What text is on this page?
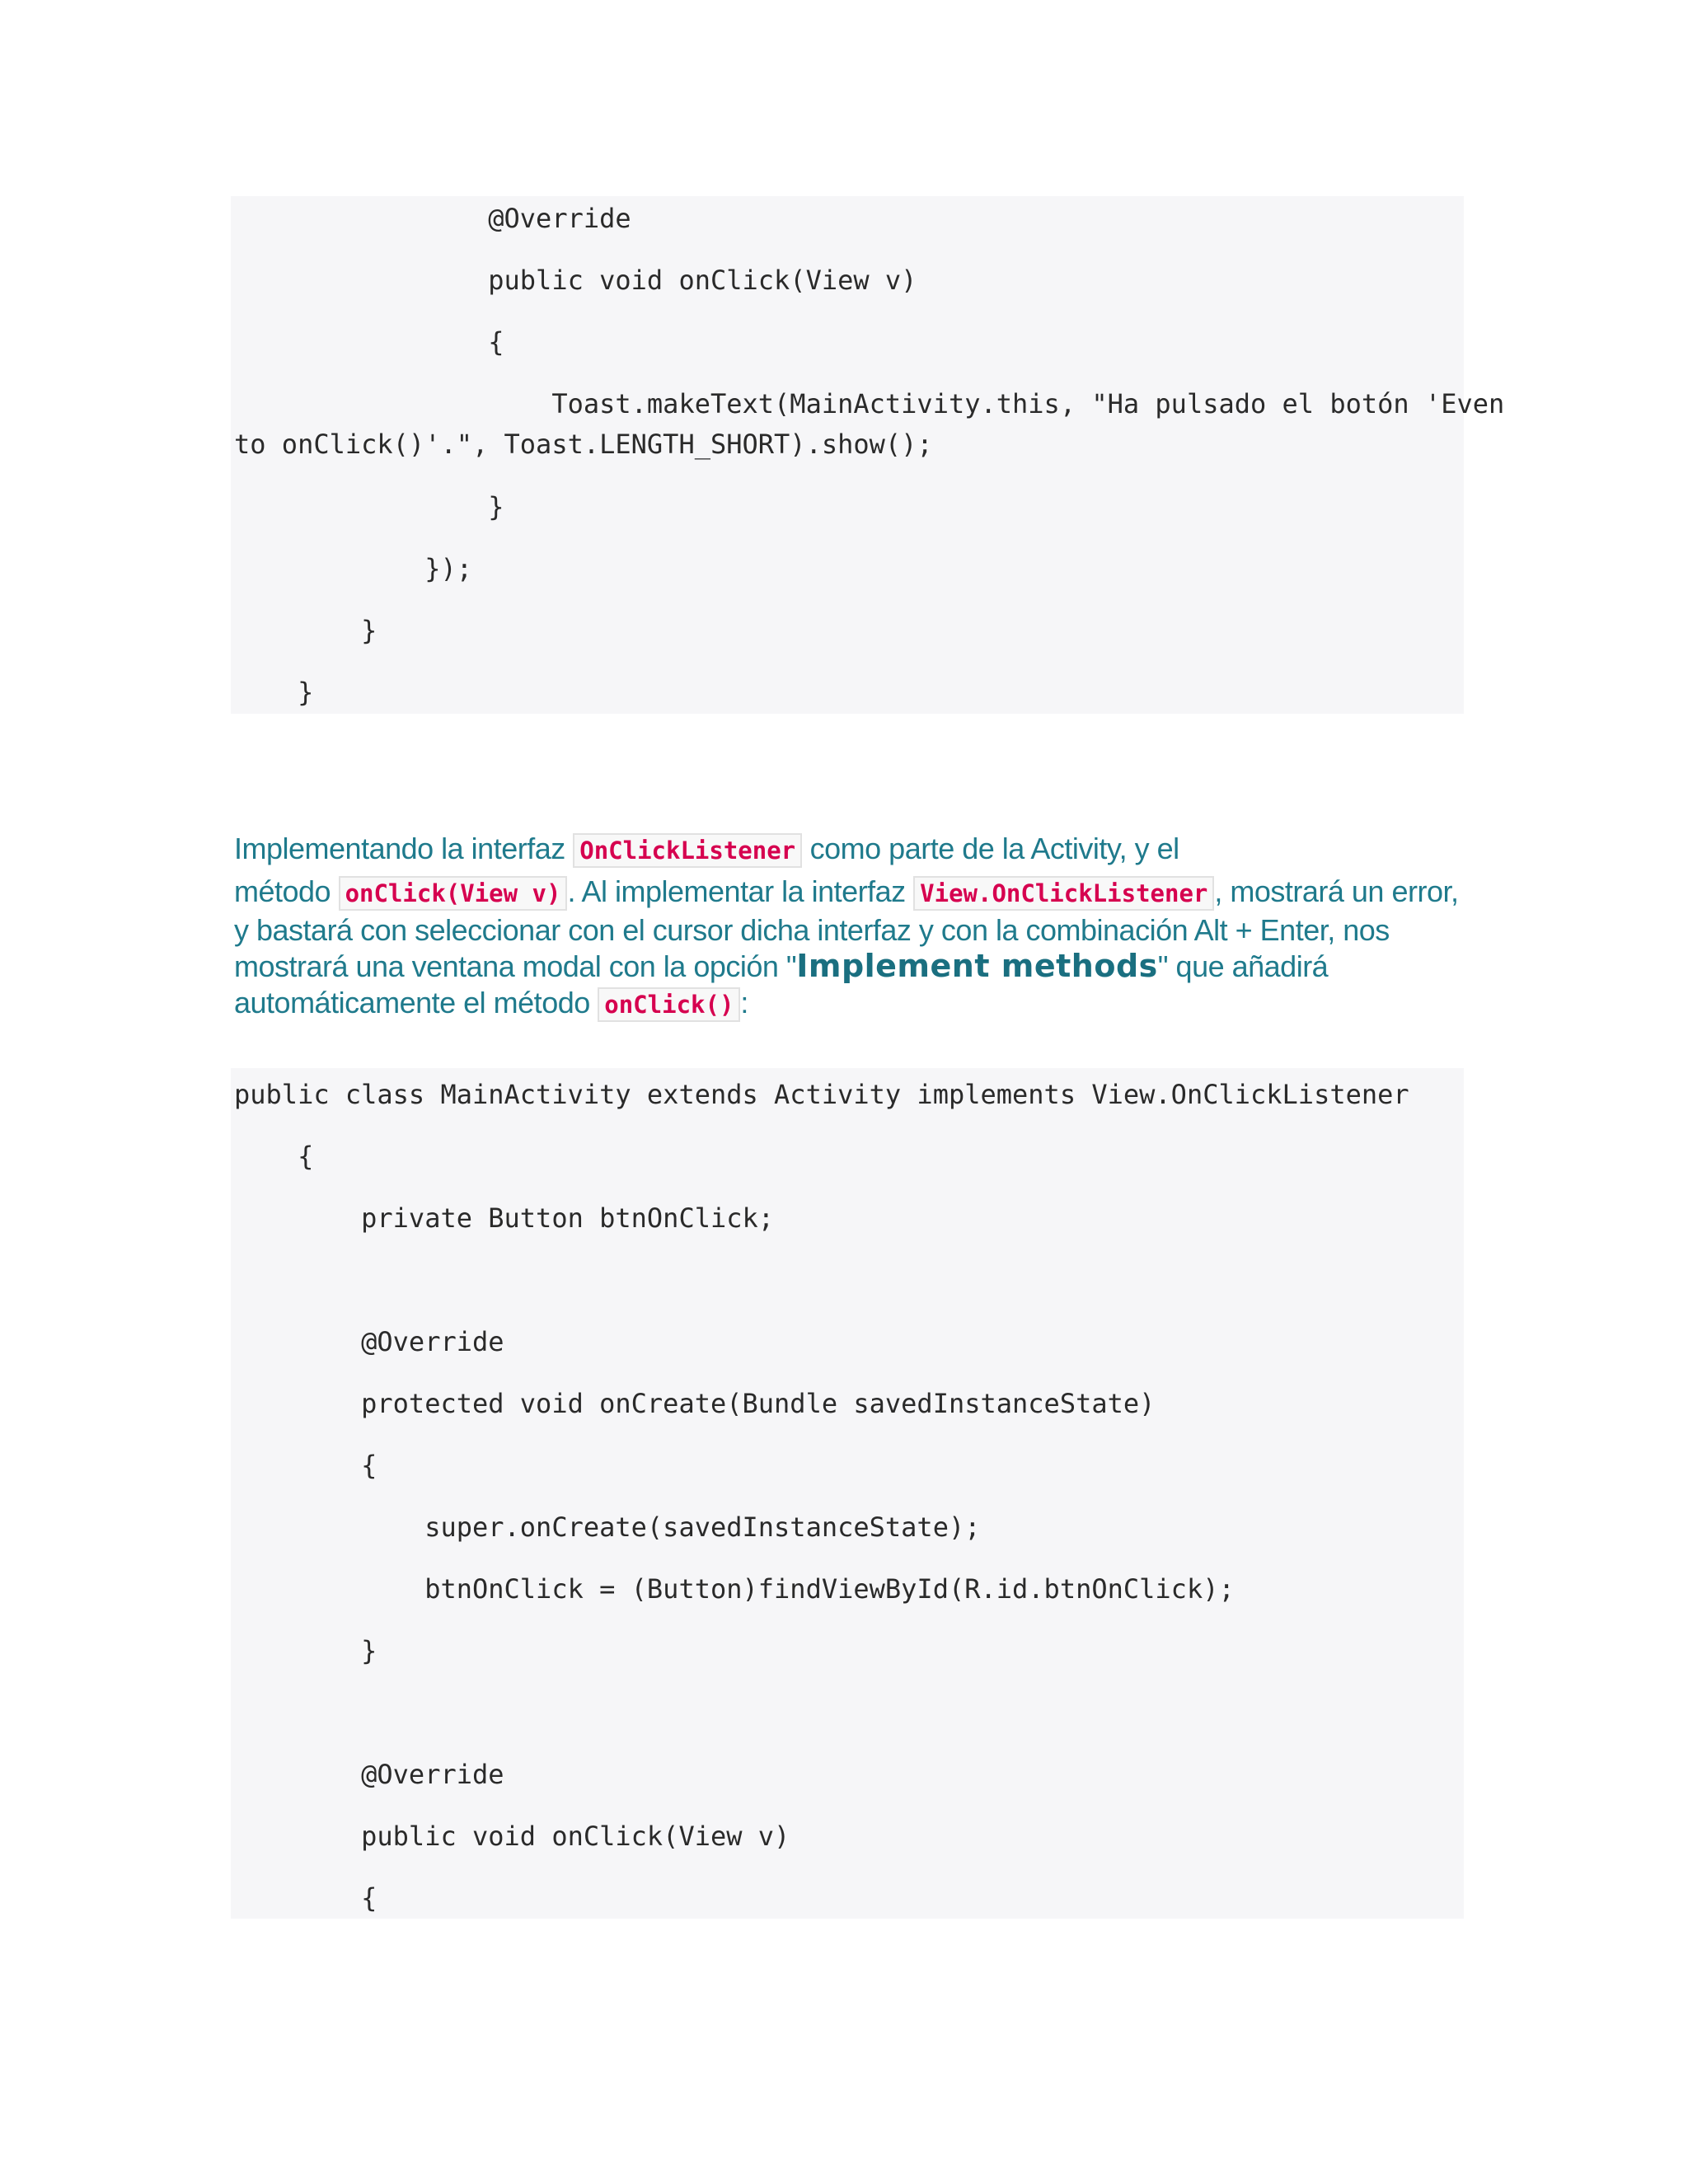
@Override
public void onClick(View v)
{
Toast.makeText(MainActivity.this, "Ha pulsado el botón 'Even
to onClick()'.", Toast.LENGTH_SHORT).show();
}
});
}
}
Implementando la interfaz OnClickListener como parte de la Activity, y el
método onClick(View v) . Al implementar la interfaz View.OnClickListener , mostrará un error,
y bastará con seleccionar con el cursor dicha interfaz y con la combinación Alt + Enter, nos
mostrará una ventana modal con la opción "Implement methods" que añadirá
automáticamente el método onClick() :
public class MainActivity extends Activity implements View.OnClickListener
{
private Button btnOnClick;
@Override
protected void onCreate(Bundle savedInstanceState)
{
super.onCreate(savedInstanceState);
btnOnClick = (Button)findViewById(R.id.btnOnClick);
}
@Override
public void onClick(View v)
{
